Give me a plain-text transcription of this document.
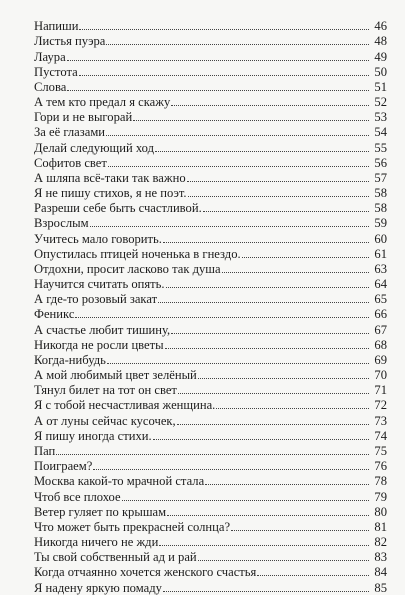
Напиши	46
Листья пуэра	48
Лаура	49
Пустота	50
Слова	51
А тем кто предал я скажу	52
Гори и не выгорай	53
За её глазами	54
Делай следующий ход	55
Софитов свет	56
А шляпа всё-таки так важно	57
Я не пишу стихов, я не поэт.	58
Разреши себе быть счастливой.	58
Взрослым	59
Учитесь мало говорить.	60
Опустилась птицей ноченька в гнездо.	61
Отдохни, просит ласково так душа	63
Научится считать опять.	64
А где-то розовый закат	65
Феникс	66
А счастье любит тишину,	67
Никогда не росли цветы	68
Когда-нибудь	69
А мой любимый цвет зелёный	70
Тянул билет на тот он свет	71
Я с тобой несчастливая женщина.	72
А от луны сейчас кусочек,	73
Я пишу иногда стихи.	74
Пап	75
Поиграем?	76
Москва какой-то мрачной стала	78
Чтоб все плохое	79
Ветер гуляет по крышам	80
Что может быть прекрасней солнца?	81
Никогда ничего не жди	82
Ты свой собственный ад и рай	83
Когда отчаянно хочется женского счастья	84
Я надену яркую помаду	85
